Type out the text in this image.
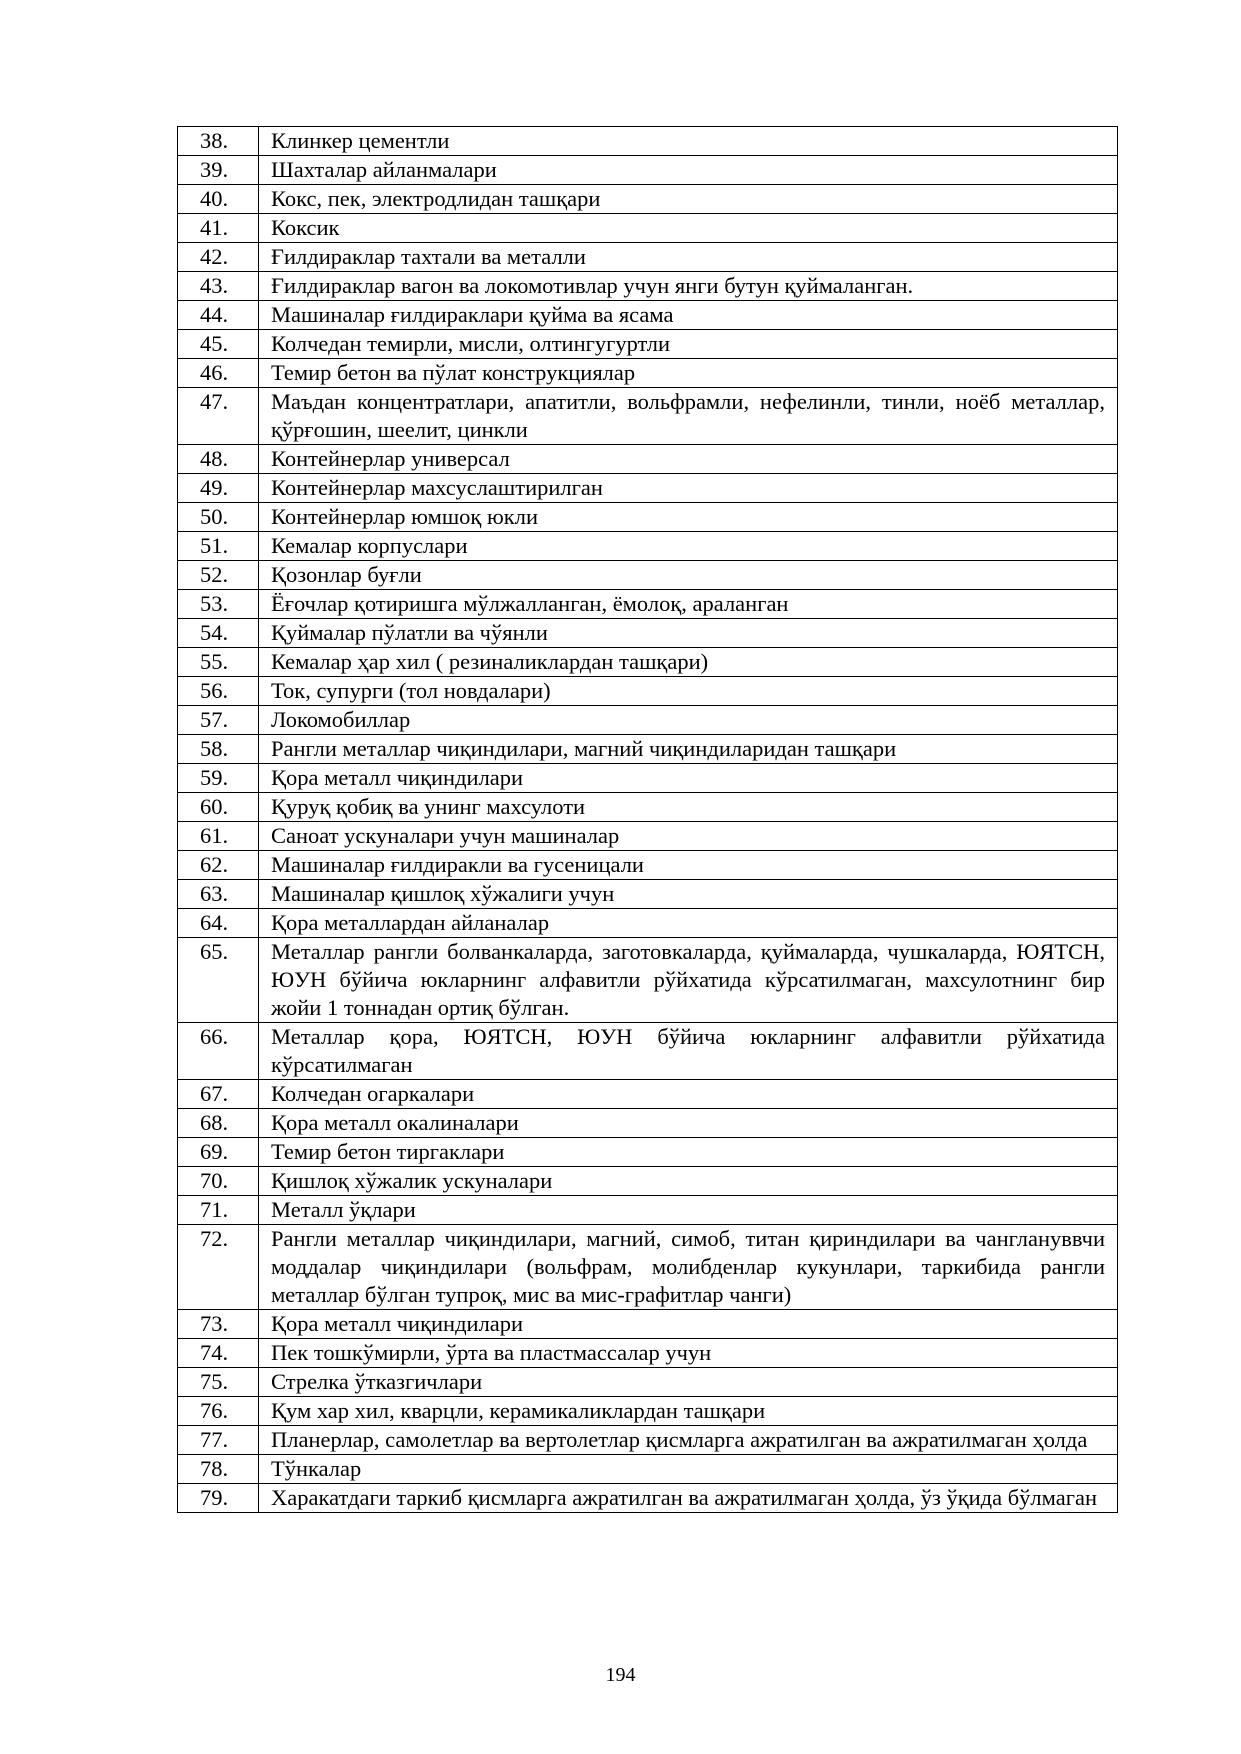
38.	Клинкер цементли
39.	Шахталар айланмалари
40.	Кокс, пек, электродлидан ташқари
41.	Коксик
42.	Ғилдираклар тахтали ва металли
43.	Ғилдираклар вагон ва локомотивлар учун янги бутун қуймаланган.
44.	Машиналар ғилдираклари қуйма ва ясама
45.	Колчедан темирли, мисли, олтингугуртли
46.	Темир бетон ва пўлат конструкциялар
47.	Маъдан концентратлари, апатитли, вольфрамли, нефелинли, тинли, ноёб металлар, қўрғошин, шеелит, цинкли
48.	Контейнерлар универсал
49.	Контейнерлар махсуслаштирилган
50.	Контейнерлар юмшоқ юкли
51.	Кемалар корпуслари
52.	Қозонлар буғли
53.	Ёғочлар қотиришга мўлжалланган, ёмолоқ, араланган
54.	Қуймалар пўлатли ва чўянли
55.	Кемалар ҳар хил ( резиналиклардан ташқари)
56.	Ток, супурги (тол новдалари)
57.	Локомобиллар
58.	Рангли металлар чиқиндилари, магний чиқиндиларидан ташқари
59.	Қора металл чиқиндилари
60.	Қуруқ қобиқ ва унинг махсулоти
61.	Саноат ускуналари учун машиналар
62.	Машиналар ғилдиракли ва гусеницали
63.	Машиналар қишлоқ хўжалиги учун
64.	Қора металлардан айланалар
65.	Металлар рангли болванкаларда, заготовкаларда, қуймаларда, чушкаларда, ЮЯТСН, ЮУН бўйича юкларнинг алфавитли рўйхатида кўрсатилмаган, махсулотнинг бир жойи 1 тоннадан ортиқ бўлган.
66.	Металлар қора, ЮЯТСН, ЮУН бўйича юкларнинг алфавитли рўйхатида кўрсатилмаган
67.	Колчедан огаркалари
68.	Қора металл окалиналари
69.	Темир бетон тиргаклари
70.	Қишлоқ хўжалик ускуналари
71.	Металл ўқлари
72.	Рангли металлар чиқиндилари, магний, симоб, титан қириндилари ва чанглануввчи моддалар чиқиндилари (вольфрам, молибденлар кукунлари, таркибида рангли металлар бўлган тупроқ, мис ва мис-графитлар чанги)
73.	Қора металл чиқиндилари
74.	Пек тошкўмирли, ўрта ва пластмассалар учун
75.	Стрелка ўтказгичлари
76.	Қум хар хил, кварцли, керамикаликлардан ташқари
77.	Планерлар, самолетлар ва вертолетлар қисмларга ажратилган ва ажратилмаган ҳолда
78.	Тўнкалар
79.	Харакатдаги таркиб қисмларга ажратилган ва ажратилмаган ҳолда, ўз ўқида бўлмаган
194
